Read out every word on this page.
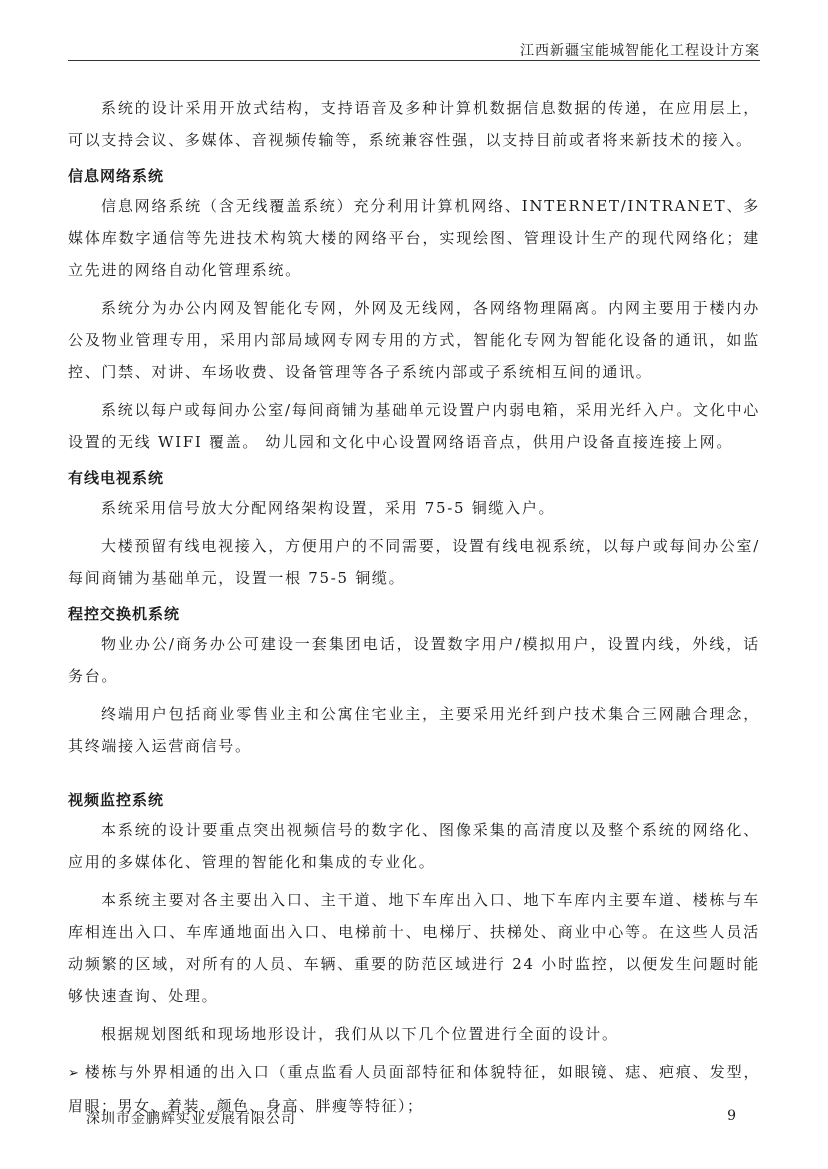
江西新疆宝能城智能化工程设计方案

系统的设计采用开放式结构，支持语音及多种计算机数据信息数据的传递，在应用层上，可以支持会议、多媒体、音视频传输等，系统兼容性强，以支持目前或者将来新技术的接入。

信息网络系统

信息网络系统（含无线覆盖系统）充分利用计算机网络、INTERNET/INTRANET、多媒体库数字通信等先进技术构筑大楼的网络平台，实现绘图、管理设计生产的现代网络化；建立先进的网络自动化管理系统。

系统分为办公内网及智能化专网，外网及无线网，各网络物理隔离。内网主要用于楼内办公及物业管理专用，采用内部局域网专网专用的方式，智能化专网为智能化设备的通讯，如监控、门禁、对讲、车场收费、设备管理等各子系统内部或子系统相互间的通讯。

系统以每户或每间办公室/每间商铺为基础单元设置户内弱电箱，采用光纤入户。文化中心设置的无线 WIFI 覆盖。 幼儿园和文化中心设置网络语音点，供用户设备直接连接上网。

有线电视系统

系统采用信号放大分配网络架构设置，采用 75-5 铜缆入户。

大楼预留有线电视接入，方便用户的不同需要，设置有线电视系统，以每户或每间办公室/每间商铺为基础单元，设置一根 75-5 铜缆。

程控交换机系统

物业办公/商务办公可建设一套集团电话，设置数字用户/模拟用户，设置内线，外线，话务台。

终端用户包括商业零售业主和公寓住宅业主，主要采用光纤到户技术集合三网融合理念，其终端接入运营商信号。

视频监控系统

本系统的设计要重点突出视频信号的数字化、图像采集的高清度以及整个系统的网络化、应用的多媒体化、管理的智能化和集成的专业化。

本系统主要对各主要出入口、主干道、地下车库出入口、地下车库内主要车道、楼栋与车库相连出入口、车库通地面出入口、电梯前十、电梯厅、扶梯处、商业中心等。在这些人员活动频繁的区域，对所有的人员、车辆、重要的防范区域进行 24 小时监控，以便发生问题时能够快速查询、处理。

根据规划图纸和现场地形设计，我们从以下几个位置进行全面的设计。

➢ 楼栋与外界相通的出入口（重点监看人员面部特征和体貌特征，如眼镜、痣、疤痕、发型，眉眼；男女、着装、颜色、身高、胖瘦等特征）；

深圳市金鹏辉实业发展有限公司	9
